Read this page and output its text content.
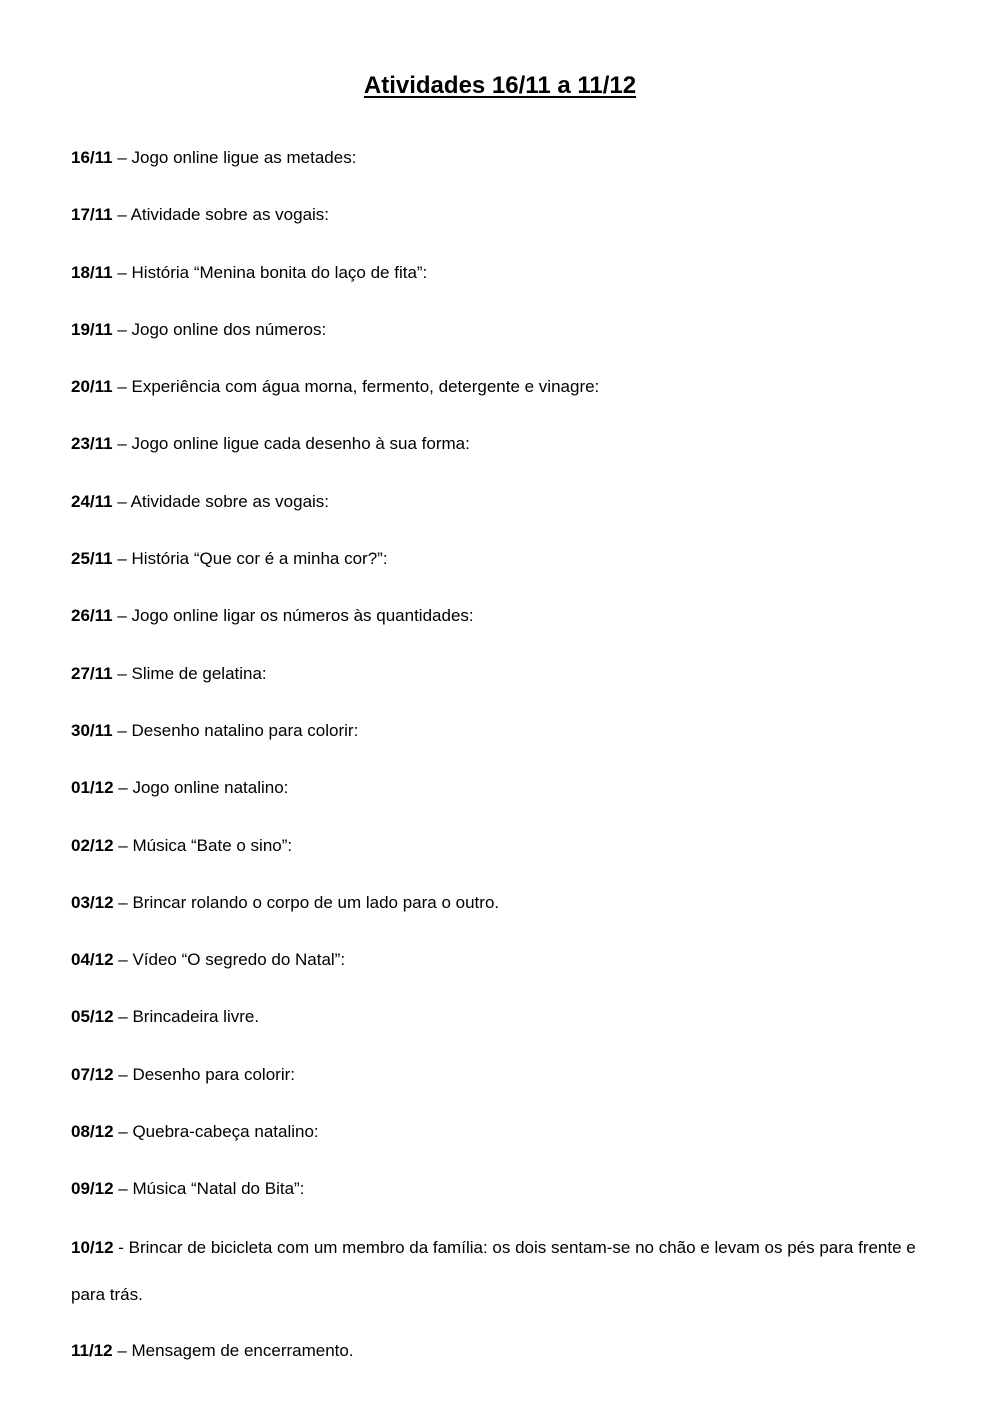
Atividades 16/11 a 11/12
16/11 – Jogo online ligue as metades:
17/11 – Atividade sobre as vogais:
18/11 – História “Menina bonita do laço de fita”:
19/11 – Jogo online dos números:
20/11 – Experiência com água morna, fermento, detergente e vinagre:
23/11 – Jogo online ligue cada desenho à sua forma:
24/11 – Atividade sobre as vogais:
25/11 – História “Que cor é a minha cor?”:
26/11 – Jogo online ligar os números às quantidades:
27/11 – Slime de gelatina:
30/11 – Desenho natalino para colorir:
01/12 – Jogo online natalino:
02/12 – Música “Bate o sino”:
03/12 – Brincar rolando o corpo de um lado para o outro.
04/12 – Vídeo “O segredo do Natal”:
05/12 – Brincadeira livre.
07/12 – Desenho para colorir:
08/12 – Quebra-cabeça natalino:
09/12 – Música “Natal do Bita”:
10/12 - Brincar de bicicleta com um membro da família: os dois sentam-se no chão e levam os pés para frente e para trás.
11/12 – Mensagem de encerramento.
